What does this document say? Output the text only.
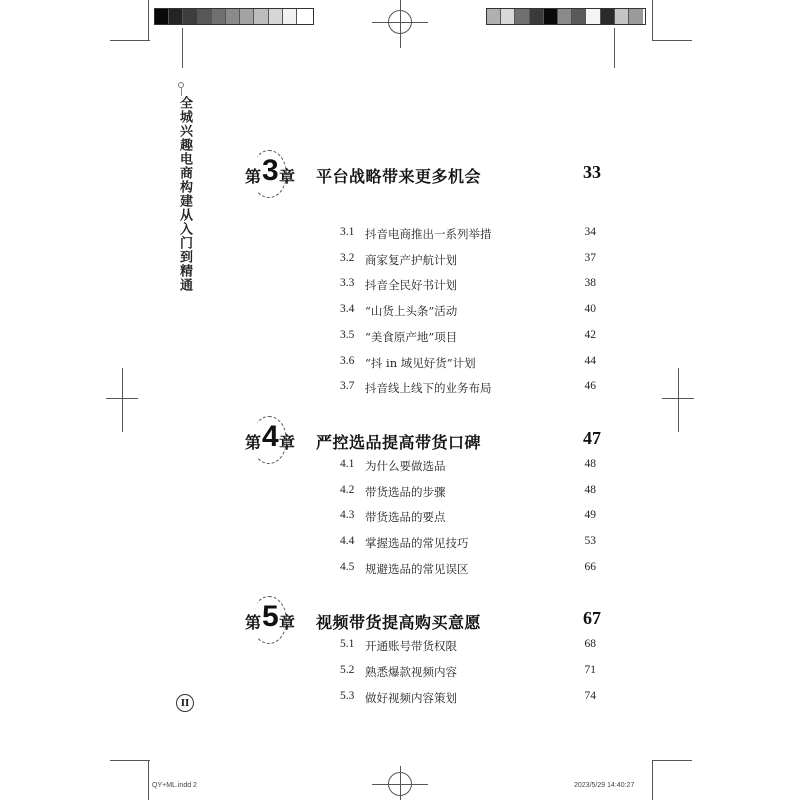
全城兴趣电商构建从入门到精通	第 3 章 平台战略带来更多机会	33
3.1 抖音电商推出一系列举措	34
3.2 商家复产护航计划	37
3.3 抖音全民好书计划	38
3.4 “山货上头条”活动	40
3.5 “美食原产地”项目	42
3.6 “抖 in 域见好货”计划	44
3.7 抖音线上线下的业务布局	46
第 4 章 严控选品提高带货口碑	47
4.1 为什么要做选品	48
4.2 带货选品的步骤	48
4.3 带货选品的要点	49
4.4 掌握选品的常见技巧	53
4.5 规避选品的常见误区	66
第 5 章 视频带货提高购买意愿	67
5.1 开通账号带货权限	68
5.2 熟悉爆款视频内容	71
5.3 做好视频内容策划	74
II
QY+ML.indd 2	2023/5/29 14:40:27
